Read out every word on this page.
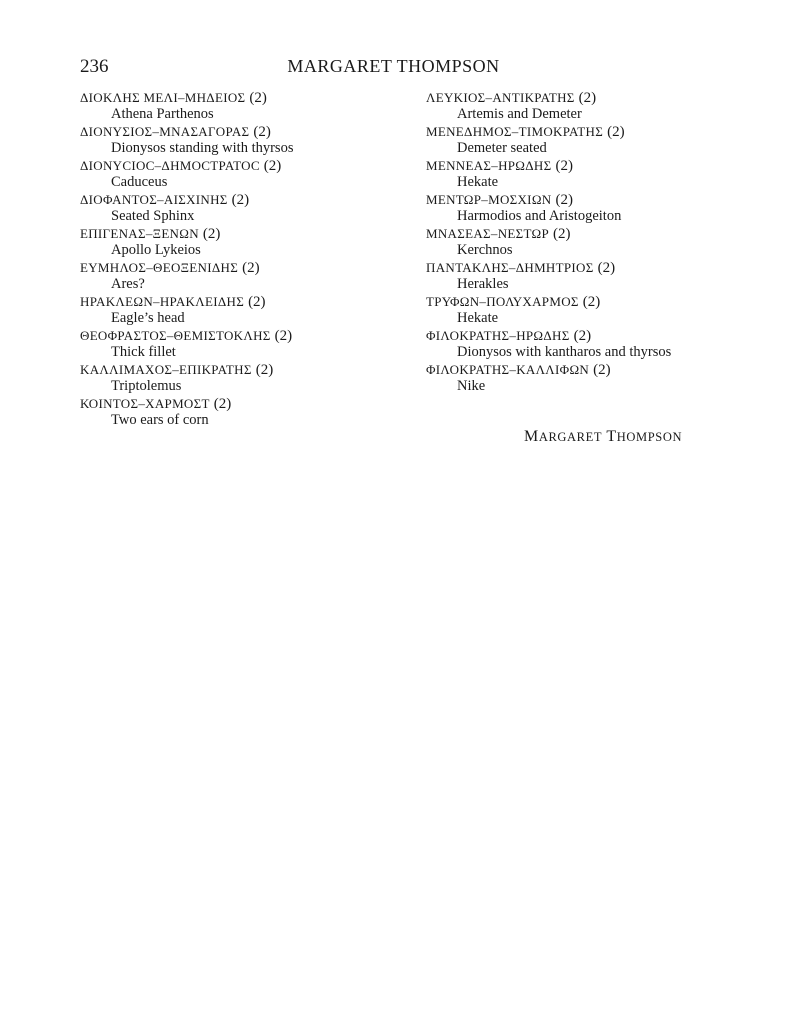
236	MARGARET THOMPSON
ΔΙΟΚΛΗΣ ΜΕΛΙ–ΜΗΔΕΙΟΣ (2)
Athena Parthenos
ΔΙΟΝΥΣΙΟΣ–ΜΝΑΣΑΓΟΡΑΣ (2)
Dionysos standing with thyrsos
ΔΙΟΝΥϹΙΟϹ–ΔΗΜΟϹΤΡΑΤΟϹ (2)
Caduceus
ΔΙΟΦΑΝΤΟΣ–ΑΙΣΧΙΝΗΣ (2)
Seated Sphinx
ΕΠΙΓΕΝΑΣ–ΞΕΝΩΝ (2)
Apollo Lykeios
ΕΥΜΗΛΟΣ–ΘΕΟΞΕΝΙΔΗΣ (2)
Ares?
ΗΡΑΚΛΕΩΝ–ΗΡΑΚΛΕΙΔΗΣ (2)
Eagle’s head
ΘΕΟΦΡΑΣΤΟΣ–ΘΕΜΙΣΤΟΚΛΗΣ (2)
Thick fillet
ΚΑΛΛΙΜΑΧΟΣ–ΕΠΙΚΡΑΤΗΣ (2)
Triptolemus
ΚΟΙΝΤΟΣ–ΧΑΡΜΟΣΤ (2)
Two ears of corn
ΛΕΥΚΙΟΣ–ΑΝΤΙΚΡΑΤΗΣ (2)
Artemis and Demeter
ΜΕΝΕΔΗΜΟΣ–ΤΙΜΟΚΡΑΤΗΣ (2)
Demeter seated
ΜΕΝΝΕΑΣ–ΗΡΩΔΗΣ (2)
Hekate
ΜΕΝΤΩΡ–ΜΟΣΧΙΩΝ (2)
Harmodios and Aristogeiton
ΜΝΑΣΕΑΣ–ΝΕΣΤΩΡ (2)
Kerchnos
ΠΑΝΤΑΚΛΗΣ–ΔΗΜΗΤΡΙΟΣ (2)
Herakles
ΤΡΥΦΩΝ–ΠΟΛΥΧΑΡΜΟΣ (2)
Hekate
ΦΙΛΟΚΡΑΤΗΣ–ΗΡΩΔΗΣ (2)
Dionysos with kantharos and thyrsos
ΦΙΛΟΚΡΑΤΗΣ–ΚΑΛΛΙΦΩΝ (2)
Nike
MARGARET THOMPSON
